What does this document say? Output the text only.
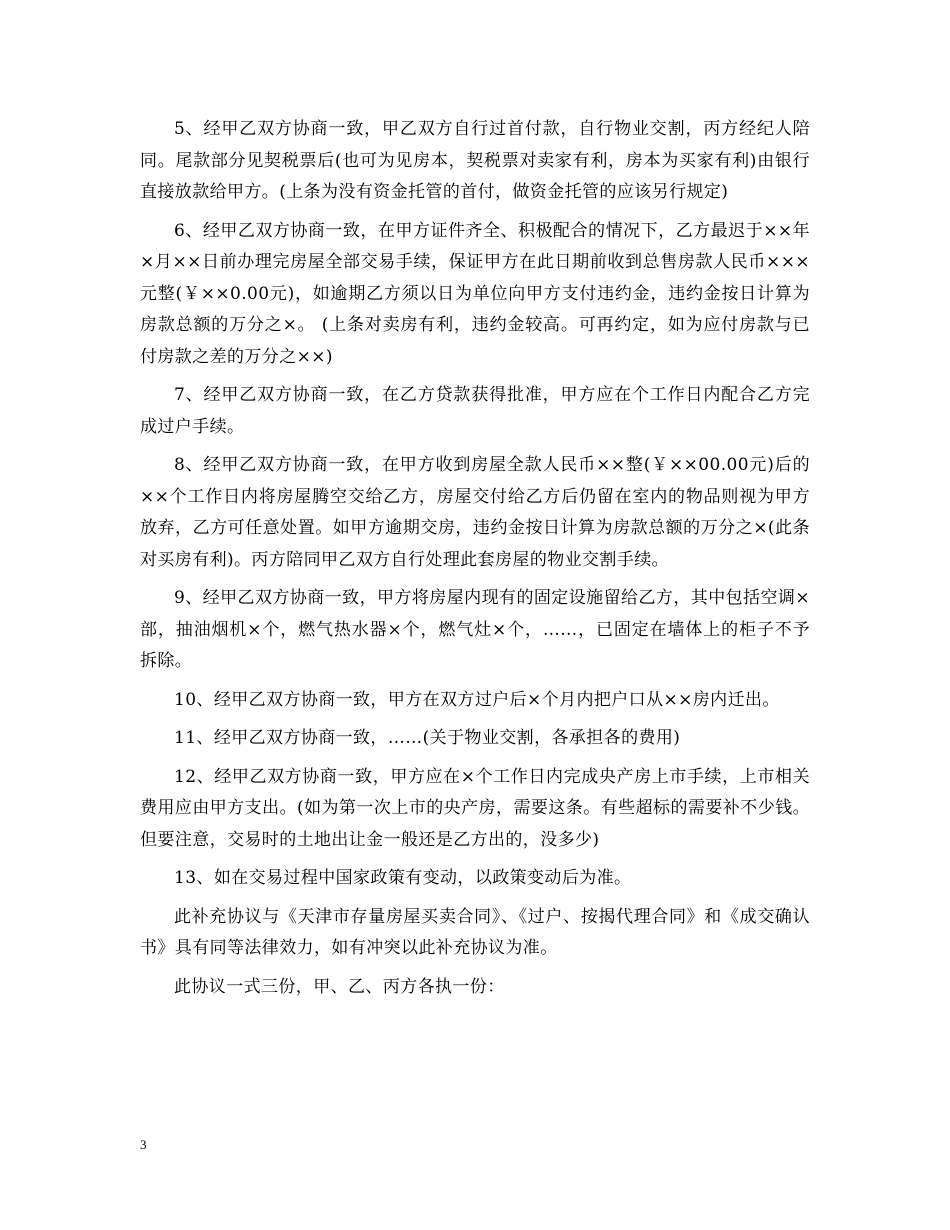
5、经甲乙双方协商一致，甲乙双方自行过首付款，自行物业交割，丙方经纪人陪同。尾款部分见契税票后(也可为见房本，契税票对卖家有利，房本为买家有利)由银行直接放款给甲方。(上条为没有资金托管的首付，做资金托管的应该另行规定)

6、经甲乙双方协商一致，在甲方证件齐全、积极配合的情况下，乙方最迟于××年×月××日前办理完房屋全部交易手续，保证甲方在此日期前收到总售房款人民币×××元整(￥××0.00元)，如逾期乙方须以日为单位向甲方支付违约金，违约金按日计算为房款总额的万分之×。 (上条对卖房有利，违约金较高。可再约定，如为应付房款与已付房款之差的万分之××)

7、经甲乙双方协商一致，在乙方贷款获得批准，甲方应在个工作日内配合乙方完成过户手续。

8、经甲乙双方协商一致，在甲方收到房屋全款人民币××整(￥××00.00元)后的××个工作日内将房屋腾空交给乙方，房屋交付给乙方后仍留在室内的物品则视为甲方放弃，乙方可任意处置。如甲方逾期交房，违约金按日计算为房款总额的万分之×(此条对买房有利)。丙方陪同甲乙双方自行处理此套房屋的物业交割手续。

9、经甲乙双方协商一致，甲方将房屋内现有的固定设施留给乙方，其中包括空调×部，抽油烟机×个，燃气热水器×个，燃气灶×个，……，已固定在墙体上的柜子不予拆除。

10、经甲乙双方协商一致，甲方在双方过户后×个月内把户口从××房内迁出。

11、经甲乙双方协商一致，……(关于物业交割，各承担各的费用)

12、经甲乙双方协商一致，甲方应在×个工作日内完成央产房上市手续，上市相关费用应由甲方支出。(如为第一次上市的央产房，需要这条。有些超标的需要补不少钱。但要注意，交易时的土地出让金一般还是乙方出的，没多少)

13、如在交易过程中国家政策有变动，以政策变动后为准。

此补充协议与《天津市存量房屋买卖合同》、《过户、按揭代理合同》和《成交确认书》具有同等法律效力，如有冲突以此补充协议为准。

此协议一式三份，甲、乙、丙方各执一份：

3
